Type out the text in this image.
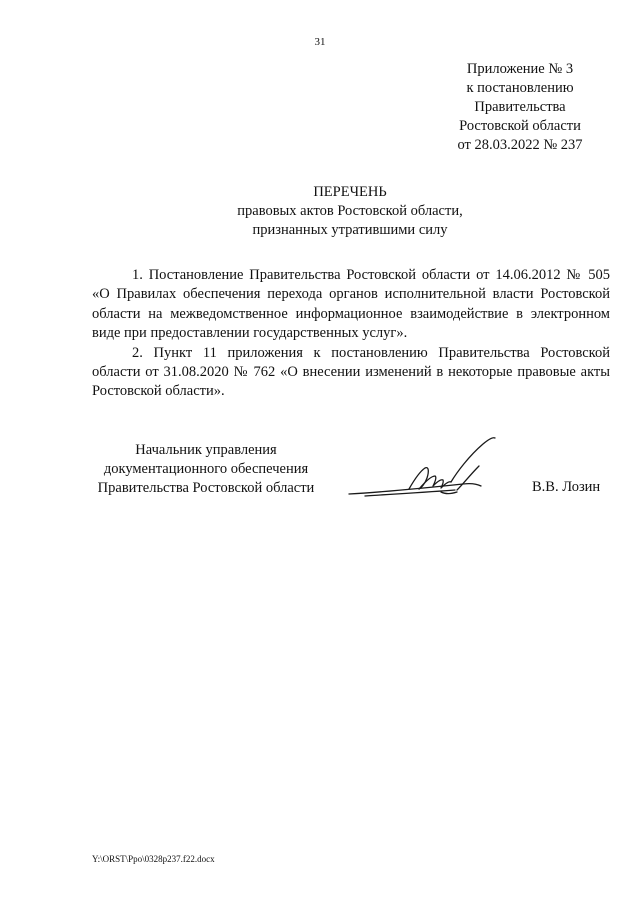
31
Приложение № 3
к постановлению
Правительства
Ростовской области
от 28.03.2022 № 237
ПЕРЕЧЕНЬ
правовых актов Ростовской области,
признанных утратившими силу

1. Постановление Правительства Ростовской области от 14.06.2012 № 505 «О Правилах обеспечения перехода органов исполнительной власти Ростовской области на межведомственное информационное взаимодействие в электронном виде при предоставлении государственных услуг».

2. Пункт 11 приложения к постановлению Правительства Ростовской области от 31.08.2020 № 762 «О внесении изменений в некоторые правовые акты Ростовской области».

Начальник управления
документационного обеспечения
Правительства Ростовской области	В.В. Лозин
Y:\ORST\Ppo\0328p237.f22.docx
